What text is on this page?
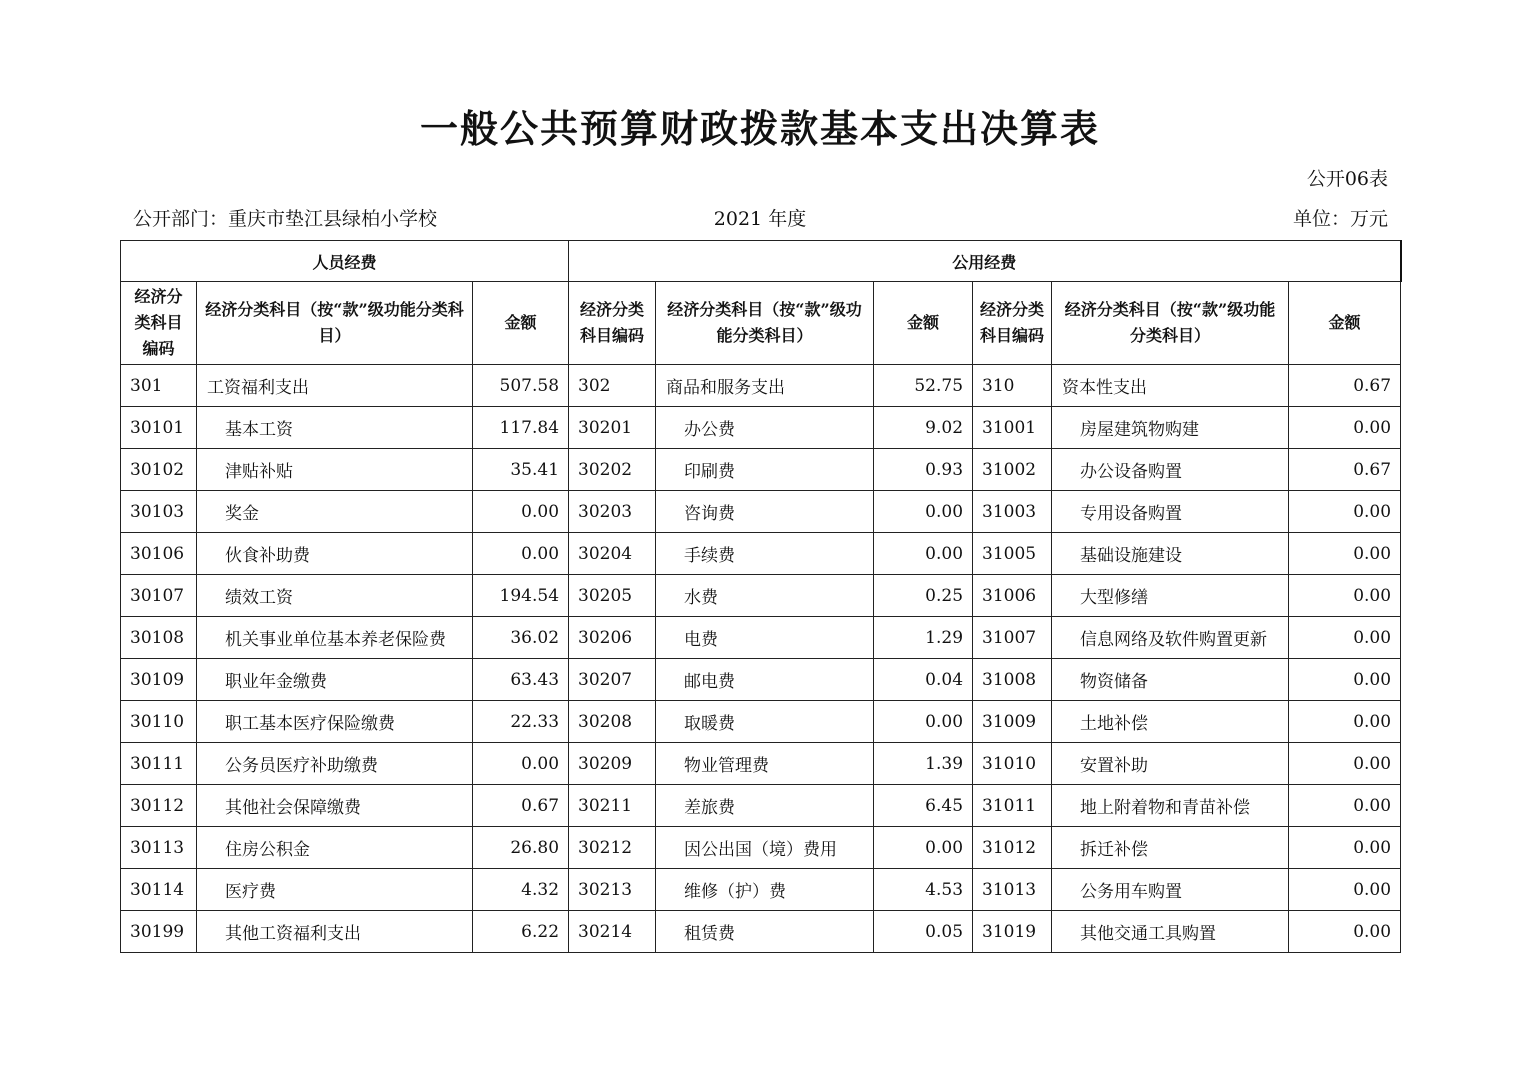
一般公共预算财政拨款基本支出决算表
公开06表
公开部门：重庆市垫江县绿柏小学校	2021 年度	单位：万元
人员经费			公用经费					
经济分类科目编码	经济分类科目（按“款”级功能分类科目）	金额	经济分类科目编码	经济分类科目（按“款”级功能分类科目）	金额	经济分类科目编码	经济分类科目（按“款”级功能分类科目）	金额
301	工资福利支出	507.58	302	商品和服务支出	52.75	310	资本性支出	0.67
30101	基本工资	117.84	30201	办公费	9.02	31001	房屋建筑物购建	0.00
30102	津贴补贴	35.41	30202	印刷费	0.93	31002	办公设备购置	0.67
30103	奖金	0.00	30203	咨询费	0.00	31003	专用设备购置	0.00
30106	伙食补助费	0.00	30204	手续费	0.00	31005	基础设施建设	0.00
30107	绩效工资	194.54	30205	水费	0.25	31006	大型修缮	0.00
30108	机关事业单位基本养老保险费	36.02	30206	电费	1.29	31007	信息网络及软件购置更新	0.00
30109	职业年金缴费	63.43	30207	邮电费	0.04	31008	物资储备	0.00
30110	职工基本医疗保险缴费	22.33	30208	取暖费	0.00	31009	土地补偿	0.00
30111	公务员医疗补助缴费	0.00	30209	物业管理费	1.39	31010	安置补助	0.00
30112	其他社会保障缴费	0.67	30211	差旅费	6.45	31011	地上附着物和青苗补偿	0.00
30113	住房公积金	26.80	30212	因公出国（境）费用	0.00	31012	拆迁补偿	0.00
30114	医疗费	4.32	30213	维修（护）费	4.53	31013	公务用车购置	0.00
30199	其他工资福利支出	6.22	30214	租赁费	0.05	31019	其他交通工具购置	0.00
